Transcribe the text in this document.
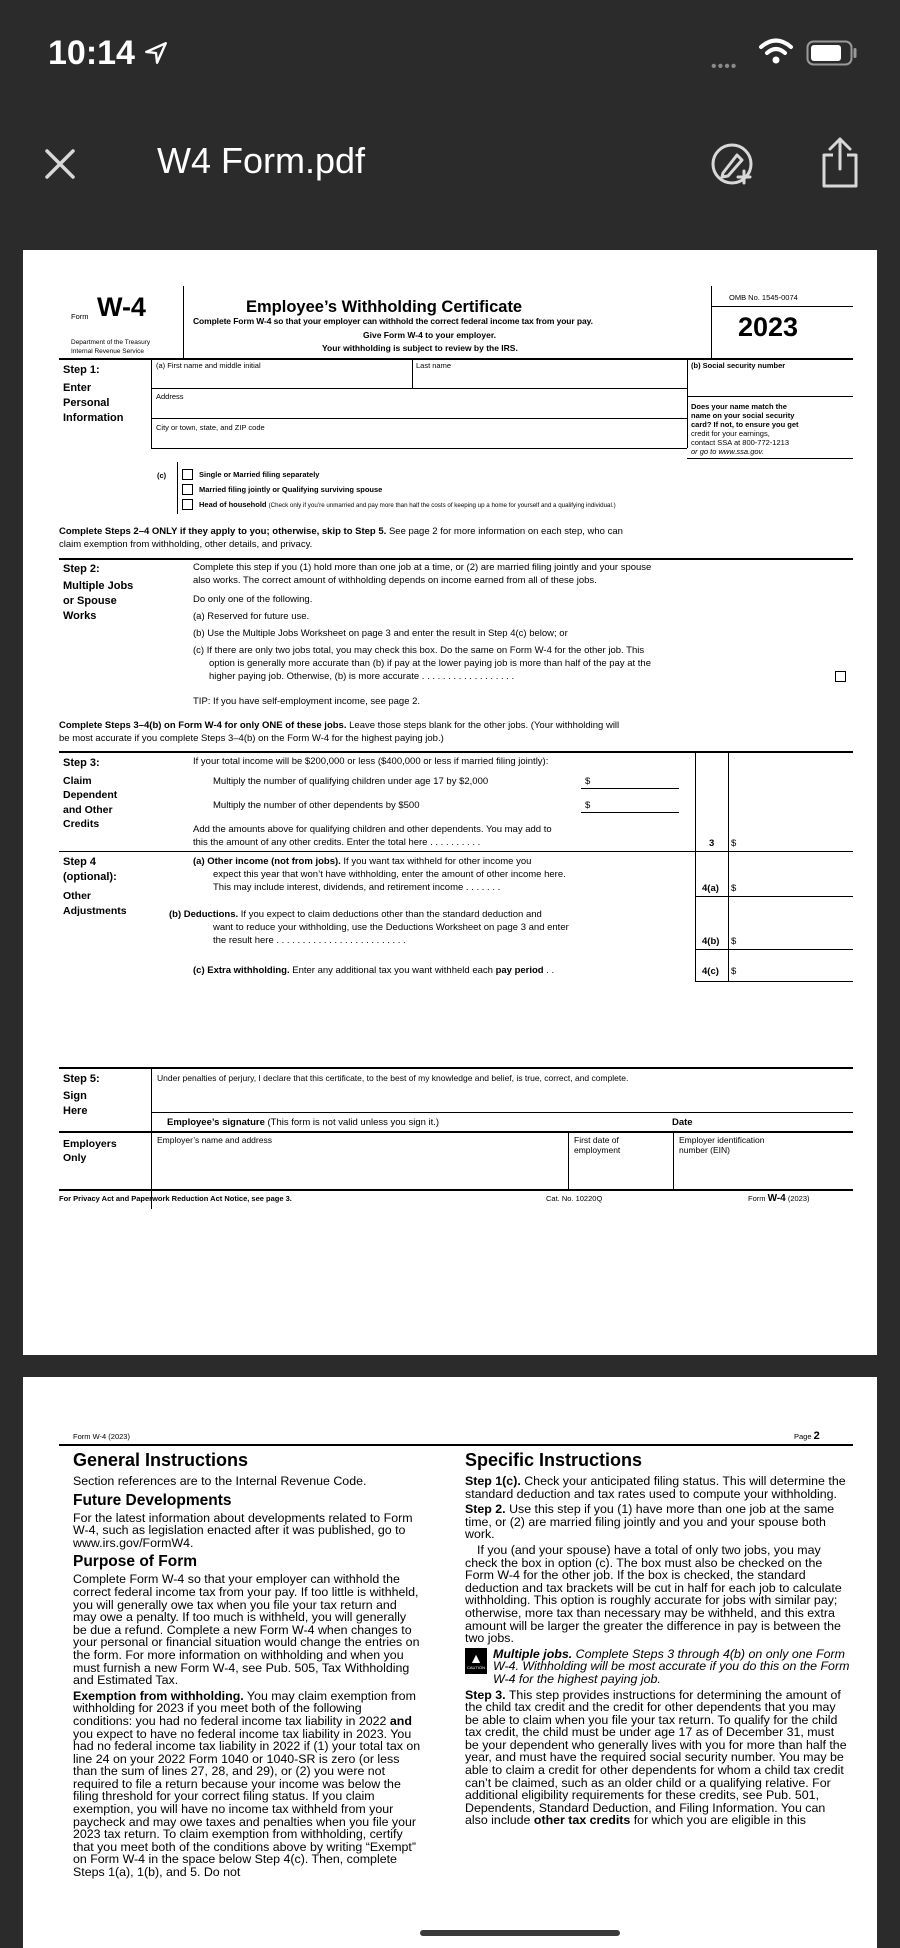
10:14	••••
W4 Form.pdf
Form W-4
Department of the Treasury
Internal Revenue Service
Employee’s Withholding Certificate
Complete Form W-4 so that your employer can withhold the correct federal income tax from your pay.
Give Form W-4 to your employer.
Your withholding is subject to review by the IRS.
OMB No. 1545-0074
2023
Step 1:
Enter
Personal
Information
(a) First name and middle initial	Last name	(b) Social security number
Address
City or town, state, and ZIP code
Does your name match the
name on your social security
card? If not, to ensure you get
credit for your earnings,
contact SSA at 800-772-1213
or go to www.ssa.gov.
(c)	Single or Married filing separately
Married filing jointly or Qualifying surviving spouse
Head of household (Check only if you’re unmarried and pay more than half the costs of keeping up a home for yourself and a qualifying individual.)
Complete Steps 2–4 ONLY if they apply to you; otherwise, skip to Step 5. See page 2 for more information on each step, who can
claim exemption from withholding, other details, and privacy.
Step 2:
Multiple Jobs
or Spouse
Works
Complete this step if you (1) hold more than one job at a time, or (2) are married filing jointly and your spouse
also works. The correct amount of withholding depends on income earned from all of these jobs.
Do only one of the following.
(a) Reserved for future use.
(b) Use the Multiple Jobs Worksheet on page 3 and enter the result in Step 4(c) below; or
(c) If there are only two jobs total, you may check this box. Do the same on Form W-4 for the other job. This
option is generally more accurate than (b) if pay at the lower paying job is more than half of the pay at the
higher paying job. Otherwise, (b) is more accurate . . . . . . . . . . . . . . . . . .
TIP: If you have self-employment income, see page 2.
Complete Steps 3–4(b) on Form W-4 for only ONE of these jobs. Leave those steps blank for the other jobs. (Your withholding will
be most accurate if you complete Steps 3–4(b) on the Form W-4 for the highest paying job.)
Step 3:
Claim
Dependent
and Other
Credits
If your total income will be $200,000 or less ($400,000 or less if married filing jointly):
Multiply the number of qualifying children under age 17 by $2,000	$
Multiply the number of other dependents by $500	$
Add the amounts above for qualifying children and other dependents. You may add to
this the amount of any other credits. Enter the total here . . . . . . . . . .	3 $
Step 4
(optional):
Other
Adjustments
(a) Other income (not from jobs). If you want tax withheld for other income you
expect this year that won’t have withholding, enter the amount of other income here.
This may include interest, dividends, and retirement income . . . . . . .	4(a) $
(b) Deductions. If you expect to claim deductions other than the standard deduction and
want to reduce your withholding, use the Deductions Worksheet on page 3 and enter
the result here . . . . . . . . . . . . . . . . . . . . . . . . .	4(b) $
(c) Extra withholding. Enter any additional tax you want withheld each pay period . .	4(c) $
Step 5:
Sign
Here
Under penalties of perjury, I declare that this certificate, to the best of my knowledge and belief, is true, correct, and complete.
Employee’s signature (This form is not valid unless you sign it.)	Date
Employers
Only
Employer’s name and address	First date of
employment
Employer identification
number (EIN)
For Privacy Act and Paperwork Reduction Act Notice, see page 3.	Cat. No. 10220Q	Form W-4 (2023)
Form W-4 (2023)	Page 2
General Instructions
Section references are to the Internal Revenue Code.
Future Developments
For the latest information about developments related to Form W-4, such as legislation enacted after it was published, go to www.irs.gov/FormW4.
Purpose of Form
Complete Form W-4 so that your employer can withhold the correct federal income tax from your pay. If too little is withheld, you will generally owe tax when you file your tax return and may owe a penalty. If too much is withheld, you will generally be due a refund. Complete a new Form W-4 when changes to your personal or financial situation would change the entries on the form. For more information on withholding and when you must furnish a new Form W-4, see Pub. 505, Tax Withholding and Estimated Tax.
Exemption from withholding. You may claim exemption from withholding for 2023 if you meet both of the following conditions: you had no federal income tax liability in 2022 and you expect to have no federal income tax liability in 2023. You had no federal income tax liability in 2022 if (1) your total tax on line 24 on your 2022 Form 1040 or 1040-SR is zero (or less than the sum of lines 27, 28, and 29), or (2) you were not required to file a return because your income was below the filing threshold for your correct filing status. If you claim exemption, you will have no income tax withheld from your paycheck and may owe taxes and penalties when you file your 2023 tax return. To claim exemption from withholding, certify that you meet both of the conditions above by writing “Exempt” on Form W-4 in the space below Step 4(c). Then, complete Steps 1(a), 1(b), and 5. Do not
Specific Instructions
Step 1(c). Check your anticipated filing status. This will determine the standard deduction and tax rates used to compute your withholding.
Step 2. Use this step if you (1) have more than one job at the same time, or (2) are married filing jointly and you and your spouse both work.
If you (and your spouse) have a total of only two jobs, you may check the box in option (c). The box must also be checked on the Form W-4 for the other job. If the box is checked, the standard deduction and tax brackets will be cut in half for each job to calculate withholding. This option is roughly accurate for jobs with similar pay; otherwise, more tax than necessary may be withheld, and this extra amount will be larger the greater the difference in pay is between the two jobs.
▲
CAUTION
Multiple jobs. Complete Steps 3 through 4(b) on only one Form W-4. Withholding will be most accurate if you do this on the Form W-4 for the highest paying job.
Step 3. This step provides instructions for determining the amount of the child tax credit and the credit for other dependents that you may be able to claim when you file your tax return. To qualify for the child tax credit, the child must be under age 17 as of December 31, must be your dependent who generally lives with you for more than half the year, and must have the required social security number. You may be able to claim a credit for other dependents for whom a child tax credit can’t be claimed, such as an older child or a qualifying relative. For additional eligibility requirements for these credits, see Pub. 501, Dependents, Standard Deduction, and Filing Information. You can also include other tax credits for which you are eligible in this
